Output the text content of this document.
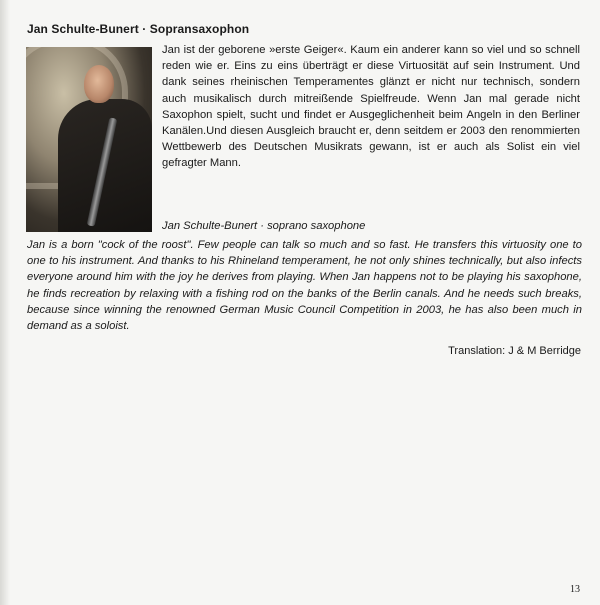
Jan Schulte-Bunert · Sopransaxophon
Jan ist der geborene »erste Geiger«. Kaum ein anderer kann so viel und so schnell reden wie er. Eins zu eins überträgt er diese Virtuosität auf sein Instrument. Und dank seines rheinischen Temperamentes glänzt er nicht nur technisch, sondern auch musikalisch durch mitreißende Spielfreude. Wenn Jan mal gerade nicht Saxophon spielt, sucht und findet er Ausgeglichenheit beim Angeln in den Berliner Kanälen.Und diesen Ausgleich braucht er, denn seitdem er 2003 den renommierten Wettbewerb des Deutschen Musikrats gewann, ist er auch als Solist ein viel gefragter Mann.
Jan Schulte-Bunert · soprano saxophone
Jan is a born "cock of the roost". Few people can talk so much and so fast. He transfers this virtuosity one to one to his instrument. And thanks to his Rhineland temperament, he not only shines technically, but also infects everyone around him with the joy he derives from playing. When Jan happens not to be playing his saxophone, he finds recreation by relaxing with a fishing rod on the banks of the Berlin canals. And he needs such breaks, because since winning the renowned German Music Council Competition in 2003, he has also been much in demand as a soloist.
Translation: J & M Berridge
13
